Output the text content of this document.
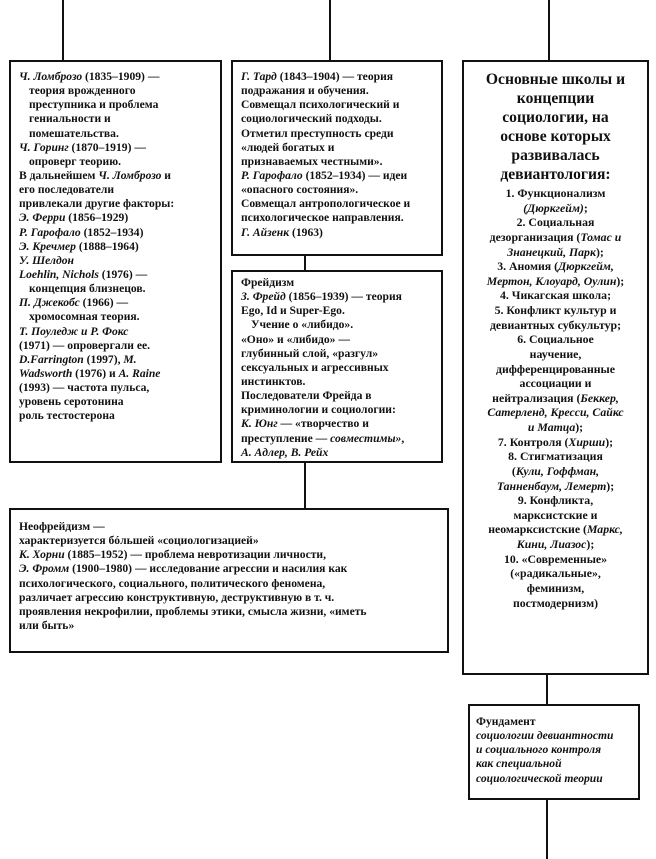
Ч. Ломброзо (1835–1909) —
теория врожденного
преступника и проблема
гениальности и
помешательства.
Ч. Горинг (1870–1919) —
опроверг теорию.
В дальнейшем Ч. Ломброзо и
его последователи
привлекали другие факторы:
Э. Ферри (1856–1929)
Р. Гарофало (1852–1934)
Э. Кречмер (1888–1964)
У. Шелдон
Loehlin, Nichols (1976) —
концепция близнецов.
П. Джекобс (1966) —
хромосомная теория.
Т. Поуледж и Р. Фокс
(1971) — опровергали ее.
D.Farrington (1997), M.
Wadsworth (1976) и A. Raine
(1993) — частота пульса,
уровень серотонина
роль тестостерона
Г. Тард (1843–1904) — теория
подражания и обучения.
Совмещал психологический и
социологический подходы.
Отметил преступность среди
«людей богатых и
признаваемых честными».
Р. Гарофало (1852–1934) — идеи
«опасного состояния».
Совмещал антропологическое и
психологическое направления.
Г. Айзенк (1963)
Фрейдизм
З. Фрейд (1856–1939) — теория
Ego, Id и Super-Ego.
Учение о «либидо».
«Оно» и «либидо» —
глубинный слой, «разгул»
сексуальных и агрессивных
инстинктов.
Последователи Фрейда в
криминологии и социологии:
К. Юнг — «творчество и
преступление — совместимы»,
А. Адлер, В. Рейх
Неофрейдизм —
характеризуется бóльшей «социологизацией»
К. Хорни (1885–1952) — проблема невротизации личности,
Э. Фромм (1900–1980) — исследование агрессии и насилия как
психологического, социального, политического феномена,
различает агрессию конструктивную, деструктивную в т. ч.
проявления некрофилии, проблемы этики, смысла жизни, «иметь
или быть»
Основные школы и
концепции
социологии, на
основе которых
развивалась
девиантология:
1. Функционализм
(Дюркгейм);
2. Социальная
дезорганизация (Томас и
Знанецкий, Парк);
3. Аномия (Дюркгейм,
Мертон, Клоуард, Оулин);
4. Чикагская школа;
5. Конфликт культур и
девиантных субкультур;
6. Социальное
научение,
дифференцированные
ассоциации и
нейтрализация (Беккер,
Сатерленд, Кресси, Сайкс
и Матца);
7. Контроля (Хирши);
8. Стигматизация
(Кули, Гоффман,
Танненбаум, Лемерт);
9. Конфликта,
марксистские и
неомарксистские (Маркс,
Кини, Лиазос);
10. «Современные»
(«радикальные»,
феминизм,
постмодернизм)
Фундамент
социологии девиантности
и социального контроля
как специальной
социологической теории
